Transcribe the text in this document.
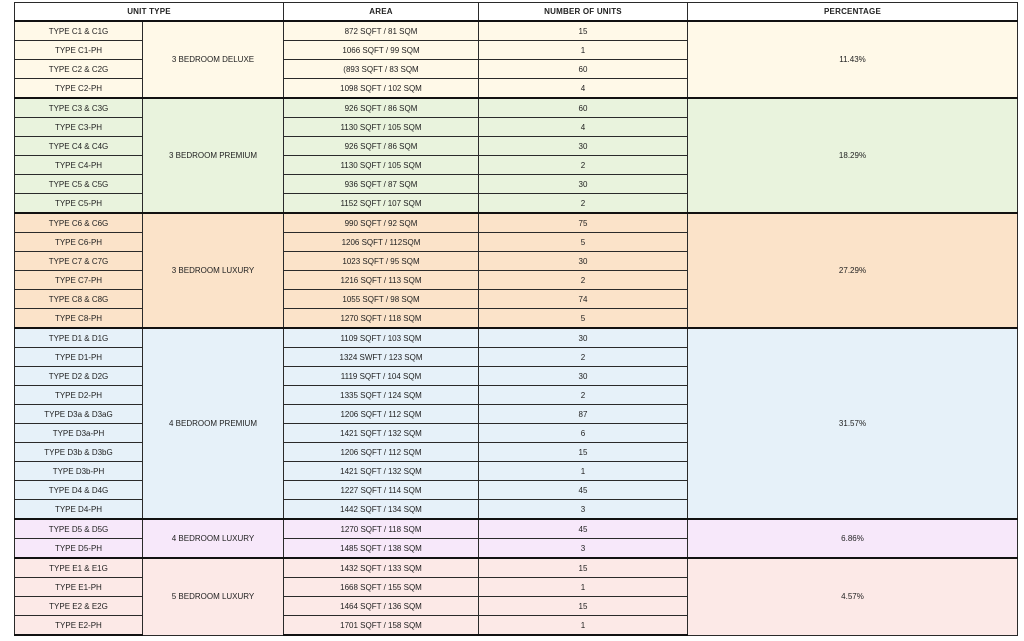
UNIT TYPE		AREA	NUMBER OF UNITS	PERCENTAGE
TYPE C1 & C1G	3 BEDROOM DELUXE	872 SQFT / 81 SQM	15	11.43%
TYPE C1-PH		1066 SQFT / 99 SQM	1	
TYPE C2 & C2G		(893 SQFT / 83 SQM	60	
TYPE C2-PH		1098 SQFT / 102 SQM	4	
TYPE C3 & C3G	3 BEDROOM PREMIUM	926 SQFT / 86 SQM	60	18.29%
TYPE C3-PH		1130 SQFT / 105 SQM	4	
TYPE C4 & C4G		926 SQFT / 86 SQM	30	
TYPE C4-PH		1130 SQFT / 105 SQM	2	
TYPE C5 & C5G		936 SQFT / 87 SQM	30	
TYPE C5-PH		1152 SQFT / 107 SQM	2	
TYPE C6 & C6G	3 BEDROOM LUXURY	990 SQFT / 92 SQM	75	27.29%
TYPE C6-PH		1206 SQFT / 112SQM	5	
TYPE C7 & C7G		1023 SQFT / 95 SQM	30	
TYPE C7-PH		1216 SQFT / 113 SQM	2	
TYPE C8 & C8G		1055 SQFT / 98 SQM	74	
TYPE C8-PH		1270 SQFT / 118 SQM	5	
TYPE D1 & D1G	4 BEDROOM PREMIUM	1109 SQFT / 103 SQM	30	31.57%
TYPE D1-PH		1324 SWFT / 123 SQM	2	
TYPE D2 & D2G		1119 SQFT / 104 SQM	30	
TYPE D2-PH		1335 SQFT / 124 SQM	2	
TYPE D3a & D3aG		1206 SQFT / 112 SQM	87	
TYPE D3a-PH		1421 SQFT / 132 SQM	6	
TYPE D3b & D3bG		1206 SQFT / 112 SQM	15	
TYPE D3b-PH		1421 SQFT / 132 SQM	1	
TYPE D4 & D4G		1227 SQFT / 114 SQM	45	
TYPE D4-PH		1442 SQFT / 134 SQM	3	
TYPE D5 & D5G	4 BEDROOM LUXURY	1270 SQFT / 118 SQM	45	6.86%
TYPE D5-PH		1485 SQFT / 138 SQM	3	
TYPE E1 & E1G	5 BEDROOM LUXURY	1432 SQFT / 133 SQM	15	4.57%
TYPE E1-PH		1668 SQFT / 155 SQM	1	
TYPE E2 & E2G		1464 SQFT / 136 SQM	15	
TYPE E2-PH		1701 SQFT / 158 SQM	1	
